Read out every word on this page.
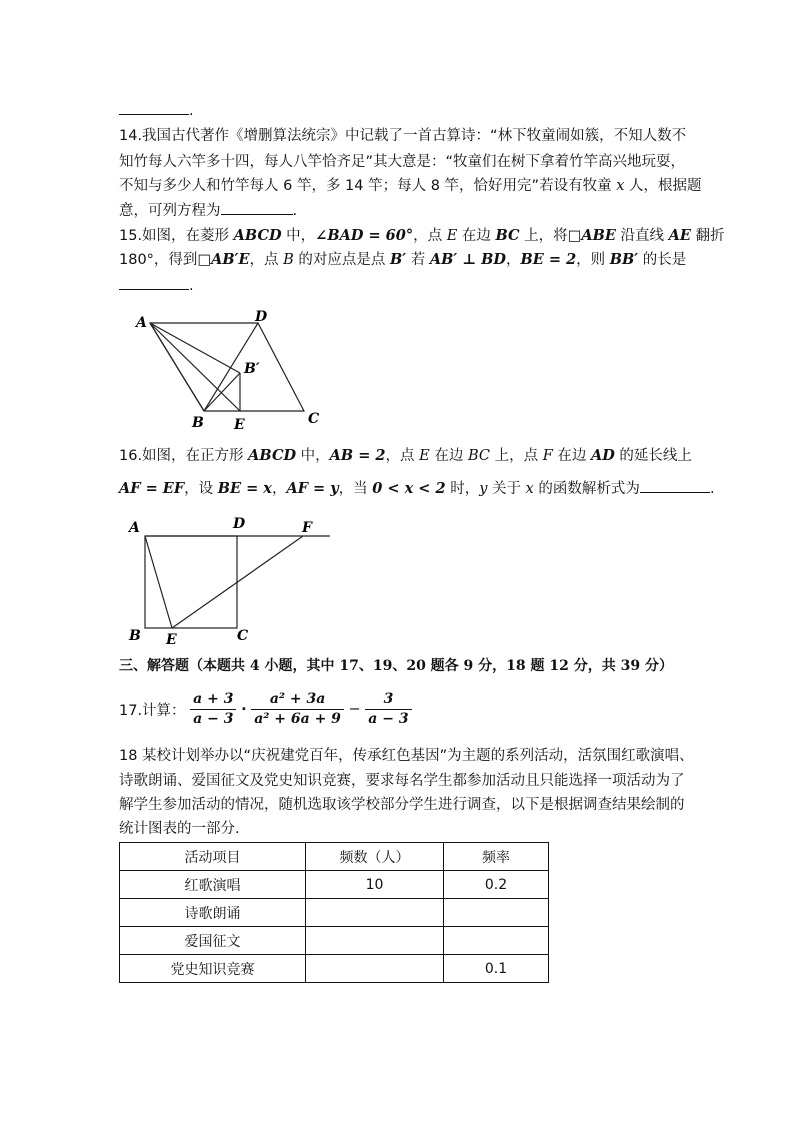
.
14.我国古代著作《增删算法统宗》中记载了一首古算诗：“林下牧童闹如簇，不知人数不
知竹每人六竿多十四，每人八竿恰齐足”其大意是：“牧童们在树下拿着竹竿高兴地玩耍，
不知与多少人和竹竿每人 6 竿，多 14 竿；每人 8 竿，恰好用完”若设有牧童 x 人，根据题
意，可列方程为	.
15.如图，在菱形 ABCD 中，∠BAD = 60°，点 E 在边 BC 上，将□ABE 沿直线 AE 翻折
180°，得到□AB′E，点 B 的对应点是点 B′ 若 AB′ ⊥ BD，BE = 2，则 BB′ 的长是
.
A	D
B′
B E	C
16.如图，在正方形 ABCD 中，AB = 2，点 E 在边 BC 上，点 F 在边 AD 的延长线上
AF = EF，设 BE = x，AF = y，当 0 < x < 2 时，y 关于 x 的函数解析式为	.
A	D	F
B E	C
三、解答题（本题共 4 小题，其中 17、19、20 题各 9 分，18 题 12 分，共 39 分）
17.计算： $\frac{a + 3}{a - 3} \cdot \frac{\text{a² + 3a}}{\text{a² + 6a + 9}} - \frac{3}{a - 3}$
18 某校计划举办以“庆祝建党百年，传承红色基因”为主题的系列活动，活氛围红歌演唱、
诗歌朗诵、爱国征文及党史知识竞赛，要求每名学生都参加活动且只能选择一项活动为了
解学生参加活动的情况，随机选取该学校部分学生进行调查，以下是根据调查结果绘制的
统计图表的一部分.
活动项目	频数（人）	频率
红歌演唱	10	0.2
诗歌朗诵		
爱国征文		
党史知识竞赛		0.1
